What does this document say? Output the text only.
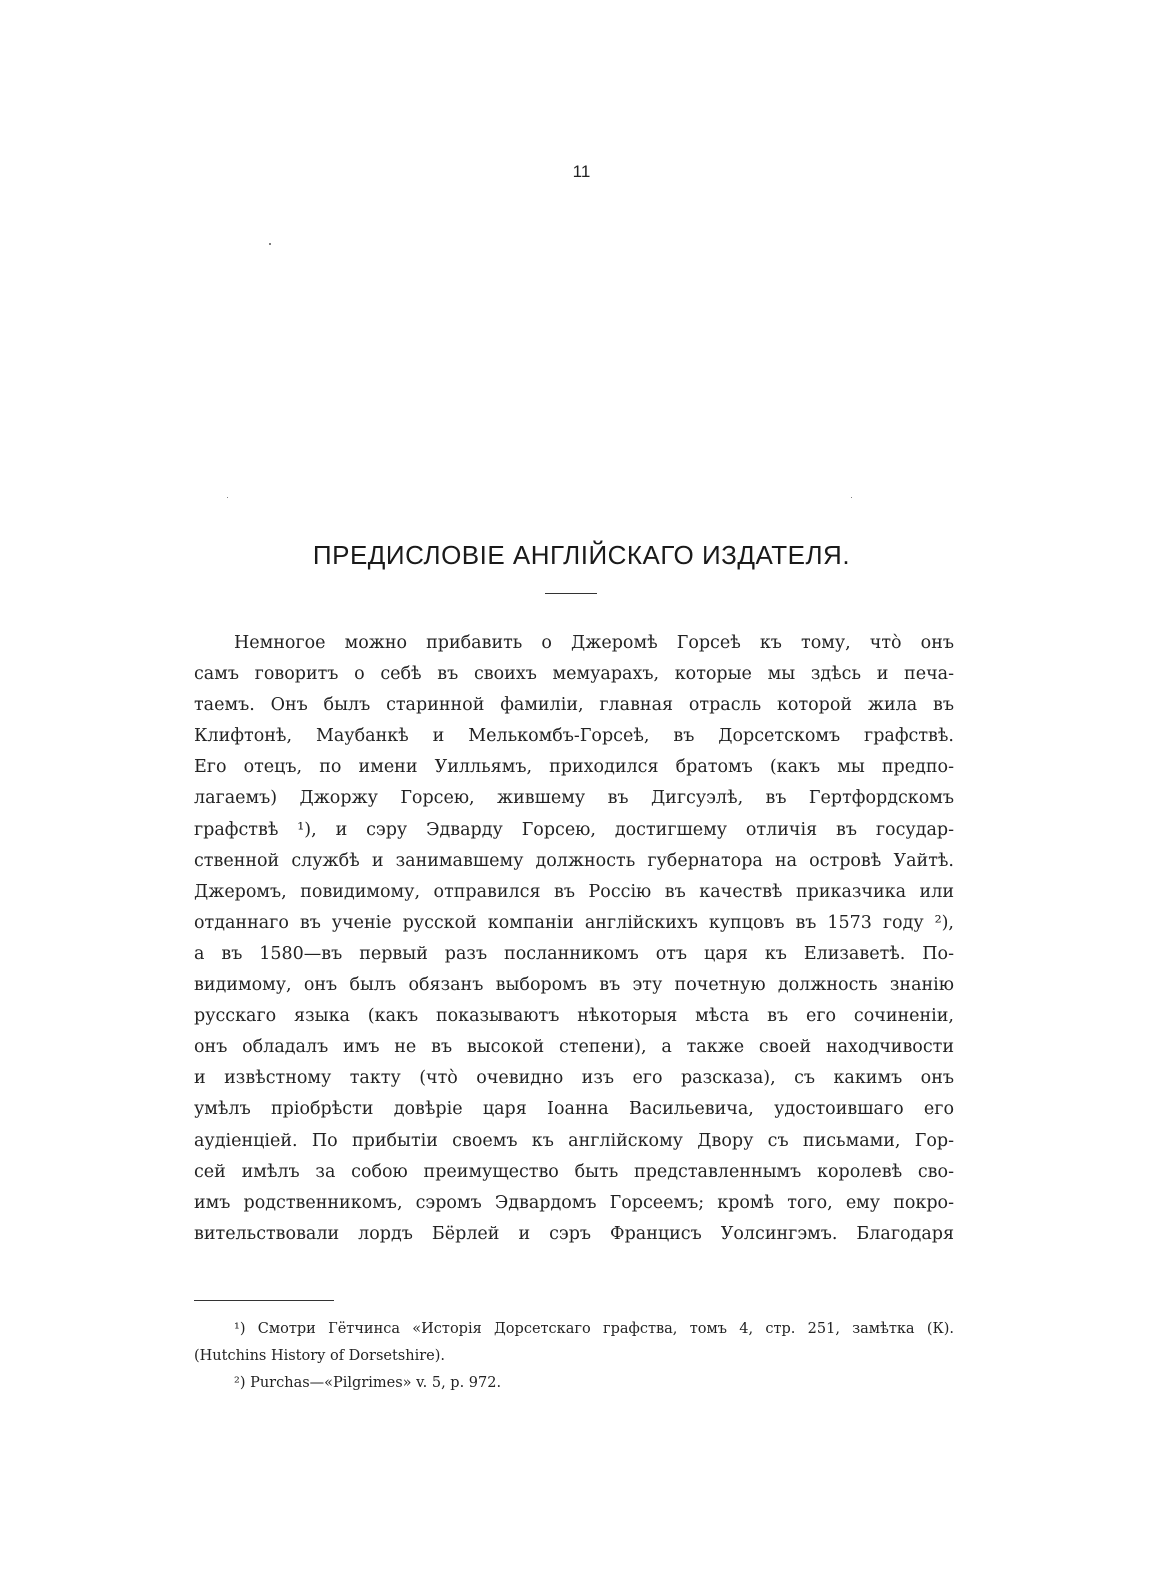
11
ПРЕДИСЛОВІЕ АНГЛІЙСКАГО ИЗДАТЕЛЯ.
Немногое можно прибавить о Джеромѣ Горсеѣ къ тому, что̀ онъ
самъ говоритъ о себѣ въ своихъ мемуарахъ, которые мы здѣсь и печа-
таемъ. Онъ былъ старинной фамиліи, главная отрасль которой жила въ
Клифтонѣ, Маубанкѣ и Мелькомбъ-Горсеѣ, въ Дорсетскомъ графствѣ.
Его отецъ, по имени Уилльямъ, приходился братомъ (какъ мы предпо-
лагаемъ) Джоржу Горсею, жившему въ Дигсуэлѣ, въ Гертфордскомъ
графствѣ ¹), и сэру Эдварду Горсею, достигшему отличія въ государ-
ственной службѣ и занимавшему должность губернатора на островѣ Уайтѣ.
Джеромъ, повидимому, отправился въ Россію въ качествѣ приказчика или
отданнаго въ ученіе русской компаніи англійскихъ купцовъ въ 1573 году ²),
а въ 1580—въ первый разъ посланникомъ отъ царя къ Елизаветѣ. По-
видимому, онъ былъ обязанъ выборомъ въ эту почетную должность знанію
русскаго языка (какъ показываютъ нѣкоторыя мѣста въ его сочиненіи,
онъ обладалъ имъ не въ высокой степени), а также своей находчивости
и извѣстному такту (что̀ очевидно изъ его разсказа), съ какимъ онъ
умѣлъ пріобрѣсти довѣріе царя Іоанна Васильевича, удостоившаго его
аудіенціей. По прибытіи своемъ къ англійскому Двору съ письмами, Гор-
сей имѣлъ за собою преимущество быть представленнымъ королевѣ сво-
имъ родственникомъ, сэромъ Эдвардомъ Горсеемъ; кромѣ того, ему покро-
вительствовали лордъ Бёрлей и сэръ Францисъ Уолсингэмъ. Благодаря
¹) Смотри Гётчинса «Исторія Дорсетскаго графства, томъ 4, стр. 251, замѣтка (К).
(Hutchins History of Dorsetshire).
²) Purchas—«Pilgrimes» v. 5, p. 972.
